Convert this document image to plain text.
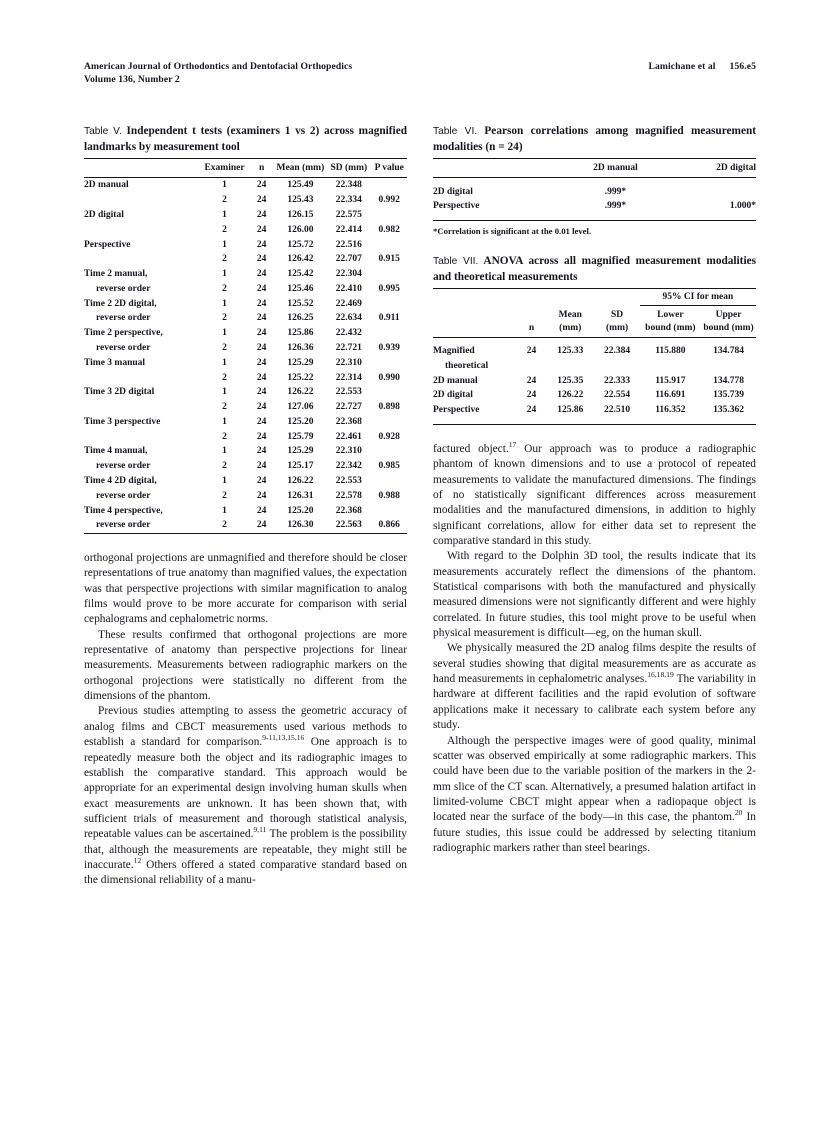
American Journal of Orthodontics and Dentofacial Orthopedics
Volume 136, Number 2
Lamichane et al 156.e5
Table V. Independent t tests (examiners 1 vs 2) across magnified landmarks by measurement tool
	Examiner	n	Mean (mm)	SD (mm)	P value
2D manual	1	24	125.49	22.348	
	2	24	125.43	22.334	0.992
2D digital	1	24	126.15	22.575	
	2	24	126.00	22.414	0.982
Perspective	1	24	125.72	22.516	
	2	24	126.42	22.707	0.915
Time 2 manual,	1	24	125.42	22.304	
reverse order	2	24	125.46	22.410	0.995
Time 2 2D digital,	1	24	125.52	22.469	
reverse order	2	24	126.25	22.634	0.911
Time 2 perspective,	1	24	125.86	22.432	
reverse order	2	24	126.36	22.721	0.939
Time 3 manual	1	24	125.29	22.310	
	2	24	125.22	22.314	0.990
Time 3 2D digital	1	24	126.22	22.553	
	2	24	127.06	22.727	0.898
Time 3 perspective	1	24	125.20	22.368	
	2	24	125.79	22.461	0.928
Time 4 manual,	1	24	125.29	22.310	
reverse order	2	24	125.17	22.342	0.985
Time 4 2D digital,	1	24	126.22	22.553	
reverse order	2	24	126.31	22.578	0.988
Time 4 perspective,	1	24	125.20	22.368	
reverse order	2	24	126.30	22.563	0.866

orthogonal projections are unmagnified and therefore should be closer representations of true anatomy than magnified values, the expectation was that perspective projections with similar magnification to analog films would prove to be more accurate for comparison with serial cephalograms and cephalometric norms.

These results confirmed that orthogonal projections are more representative of anatomy than perspective projections for linear measurements. Measurements between radiographic markers on the orthogonal projections were statistically no different from the dimensions of the phantom.

Previous studies attempting to assess the geometric accuracy of analog films and CBCT measurements used various methods to establish a standard for comparison.$^{9-11,13,15,16}$ One approach is to repeatedly measure both the object and its radiographic images to establish the comparative standard. This approach would be appropriate for an experimental design involving human skulls when exact measurements are unknown. It has been shown that, with sufficient trials of measurement and thorough statistical analysis, repeatable values can be ascertained.$^{9,11}$ The problem is the possibility that, although the measurements are repeatable, they might still be inaccurate.$^{12}$ Others offered a stated comparative standard based on the dimensional reliability of a manu-

Table VI. Pearson correlations among magnified measurement modalities (n = 24)
	2D manual	2D digital

2D digital	.999*	
Perspective	.999*	1.000*

*Correlation is significant at the 0.01 level.
Table VII. ANOVA across all magnified measurement modalities and theoretical measurements
				95% CI for mean	
		Mean	SD	Lower	Upper
	n	(mm)	(mm)	bound (mm)	bound (mm)

Magnified	24	125.33	22.384	115.880	134.784
theoretical					
2D manual	24	125.35	22.333	115.917	134.778
2D digital	24	126.22	22.554	116.691	135.739
Perspective	24	125.86	22.510	116.352	135.362

factured object.$^{17}$ Our approach was to produce a radiographic phantom of known dimensions and to use a protocol of repeated measurements to validate the manufactured dimensions. The findings of no statistically significant differences across measurement modalities and the manufactured dimensions, in addition to highly significant correlations, allow for either data set to represent the comparative standard in this study.

With regard to the Dolphin 3D tool, the results indicate that its measurements accurately reflect the dimensions of the phantom. Statistical comparisons with both the manufactured and physically measured dimensions were not significantly different and were highly correlated. In future studies, this tool might prove to be useful when physical measurement is difficult—eg, on the human skull.

We physically measured the 2D analog films despite the results of several studies showing that digital measurements are as accurate as hand measurements in cephalometric analyses.$^{16,18,19}$ The variability in hardware at different facilities and the rapid evolution of software applications make it necessary to calibrate each system before any study.

Although the perspective images were of good quality, minimal scatter was observed empirically at some radiographic markers. This could have been due to the variable position of the markers in the 2-mm slice of the CT scan. Alternatively, a presumed halation artifact in limited-volume CBCT might appear when a radiopaque object is located near the surface of the body—in this case, the phantom.$^{20}$ In future studies, this issue could be addressed by selecting titanium radiographic markers rather than steel bearings.
